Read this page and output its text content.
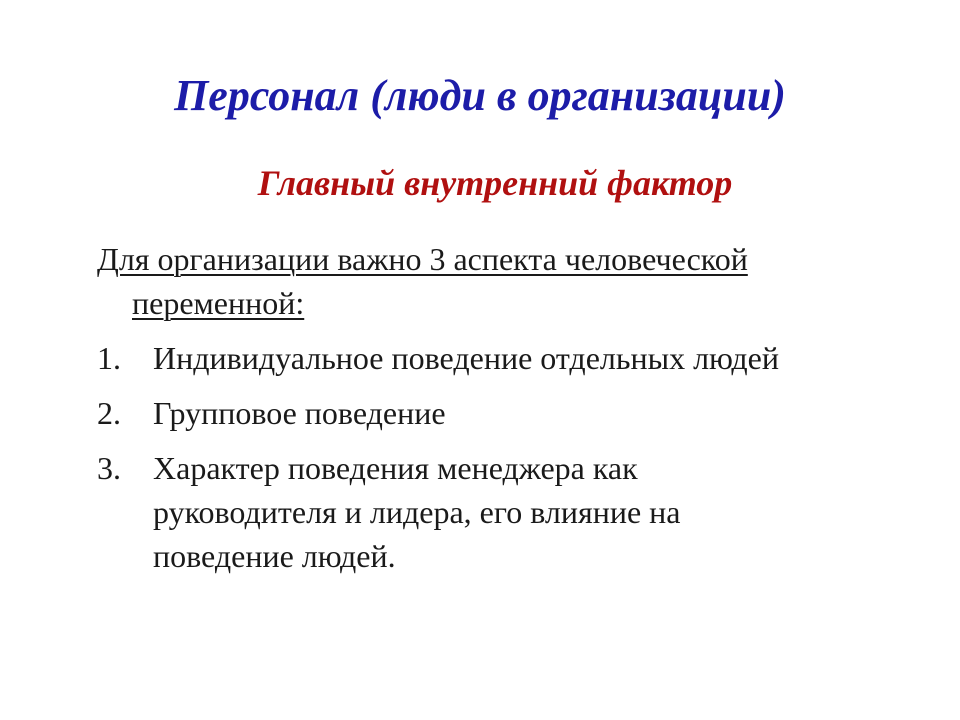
Персонал (люди в организации)
Главный внутренний фактор
Для организации важно 3 аспекта человеческой
переменной:
1. Индивидуальное поведение отдельных людей
2. Групповое поведение
3. Характер поведения менеджера как руководителя и лидера, его влияние на поведение людей.
